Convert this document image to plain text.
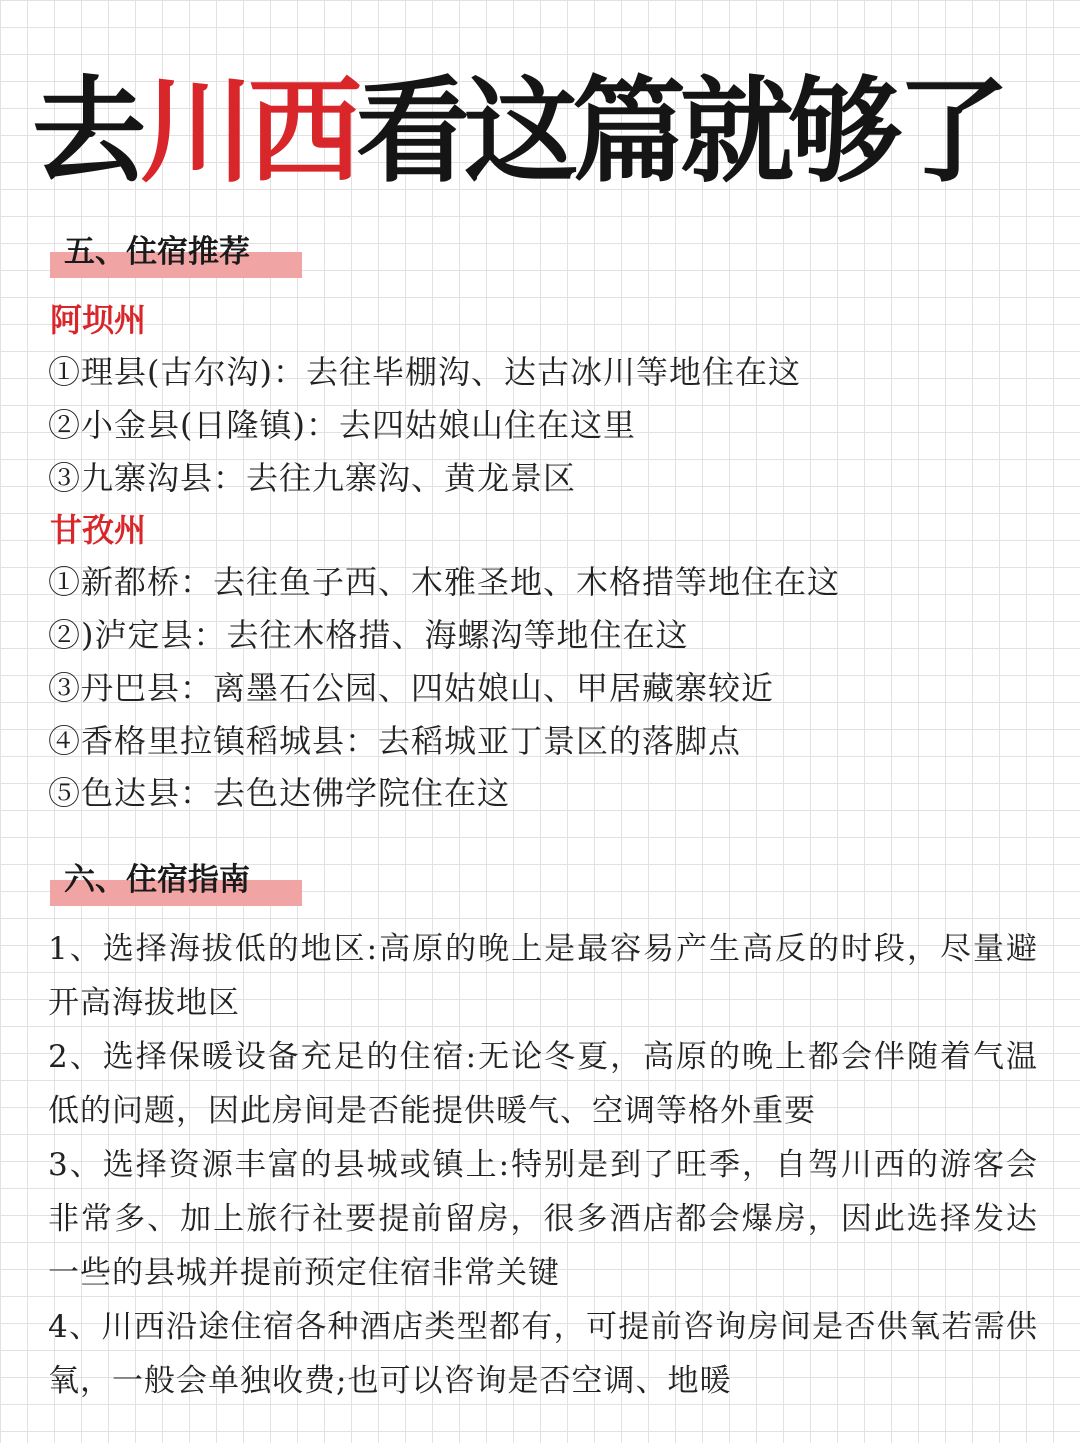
去川西看这篇就够了
五、住宿推荐
阿坝州
①理县(古尔沟)：去往毕棚沟、达古冰川等地住在这
②小金县(日隆镇)：去四姑娘山住在这里
③九寨沟县：去往九寨沟、黄龙景区
甘孜州
①新都桥：去往鱼子西、木雅圣地、木格措等地住在这
②)泸定县：去往木格措、海螺沟等地住在这
③丹巴县：离墨石公园、四姑娘山、甲居藏寨较近
④香格里拉镇稻城县：去稻城亚丁景区的落脚点
⑤色达县：去色达佛学院住在这
六、住宿指南
1、选择海拔低的地区:高原的晚上是最容易产生高反的时段，尽量避开高海拔地区
2、选择保暖设备充足的住宿:无论冬夏，高原的晚上都会伴随着气温低的问题，因此房间是否能提供暖气、空调等格外重要
3、选择资源丰富的县城或镇上:特别是到了旺季，自驾川西的游客会非常多、加上旅行社要提前留房，很多酒店都会爆房，因此选择发达一些的县城并提前预定住宿非常关键
4、川西沿途住宿各种酒店类型都有，可提前咨询房间是否供氧若需供氧，一般会单独收费;也可以咨询是否空调、地暖
